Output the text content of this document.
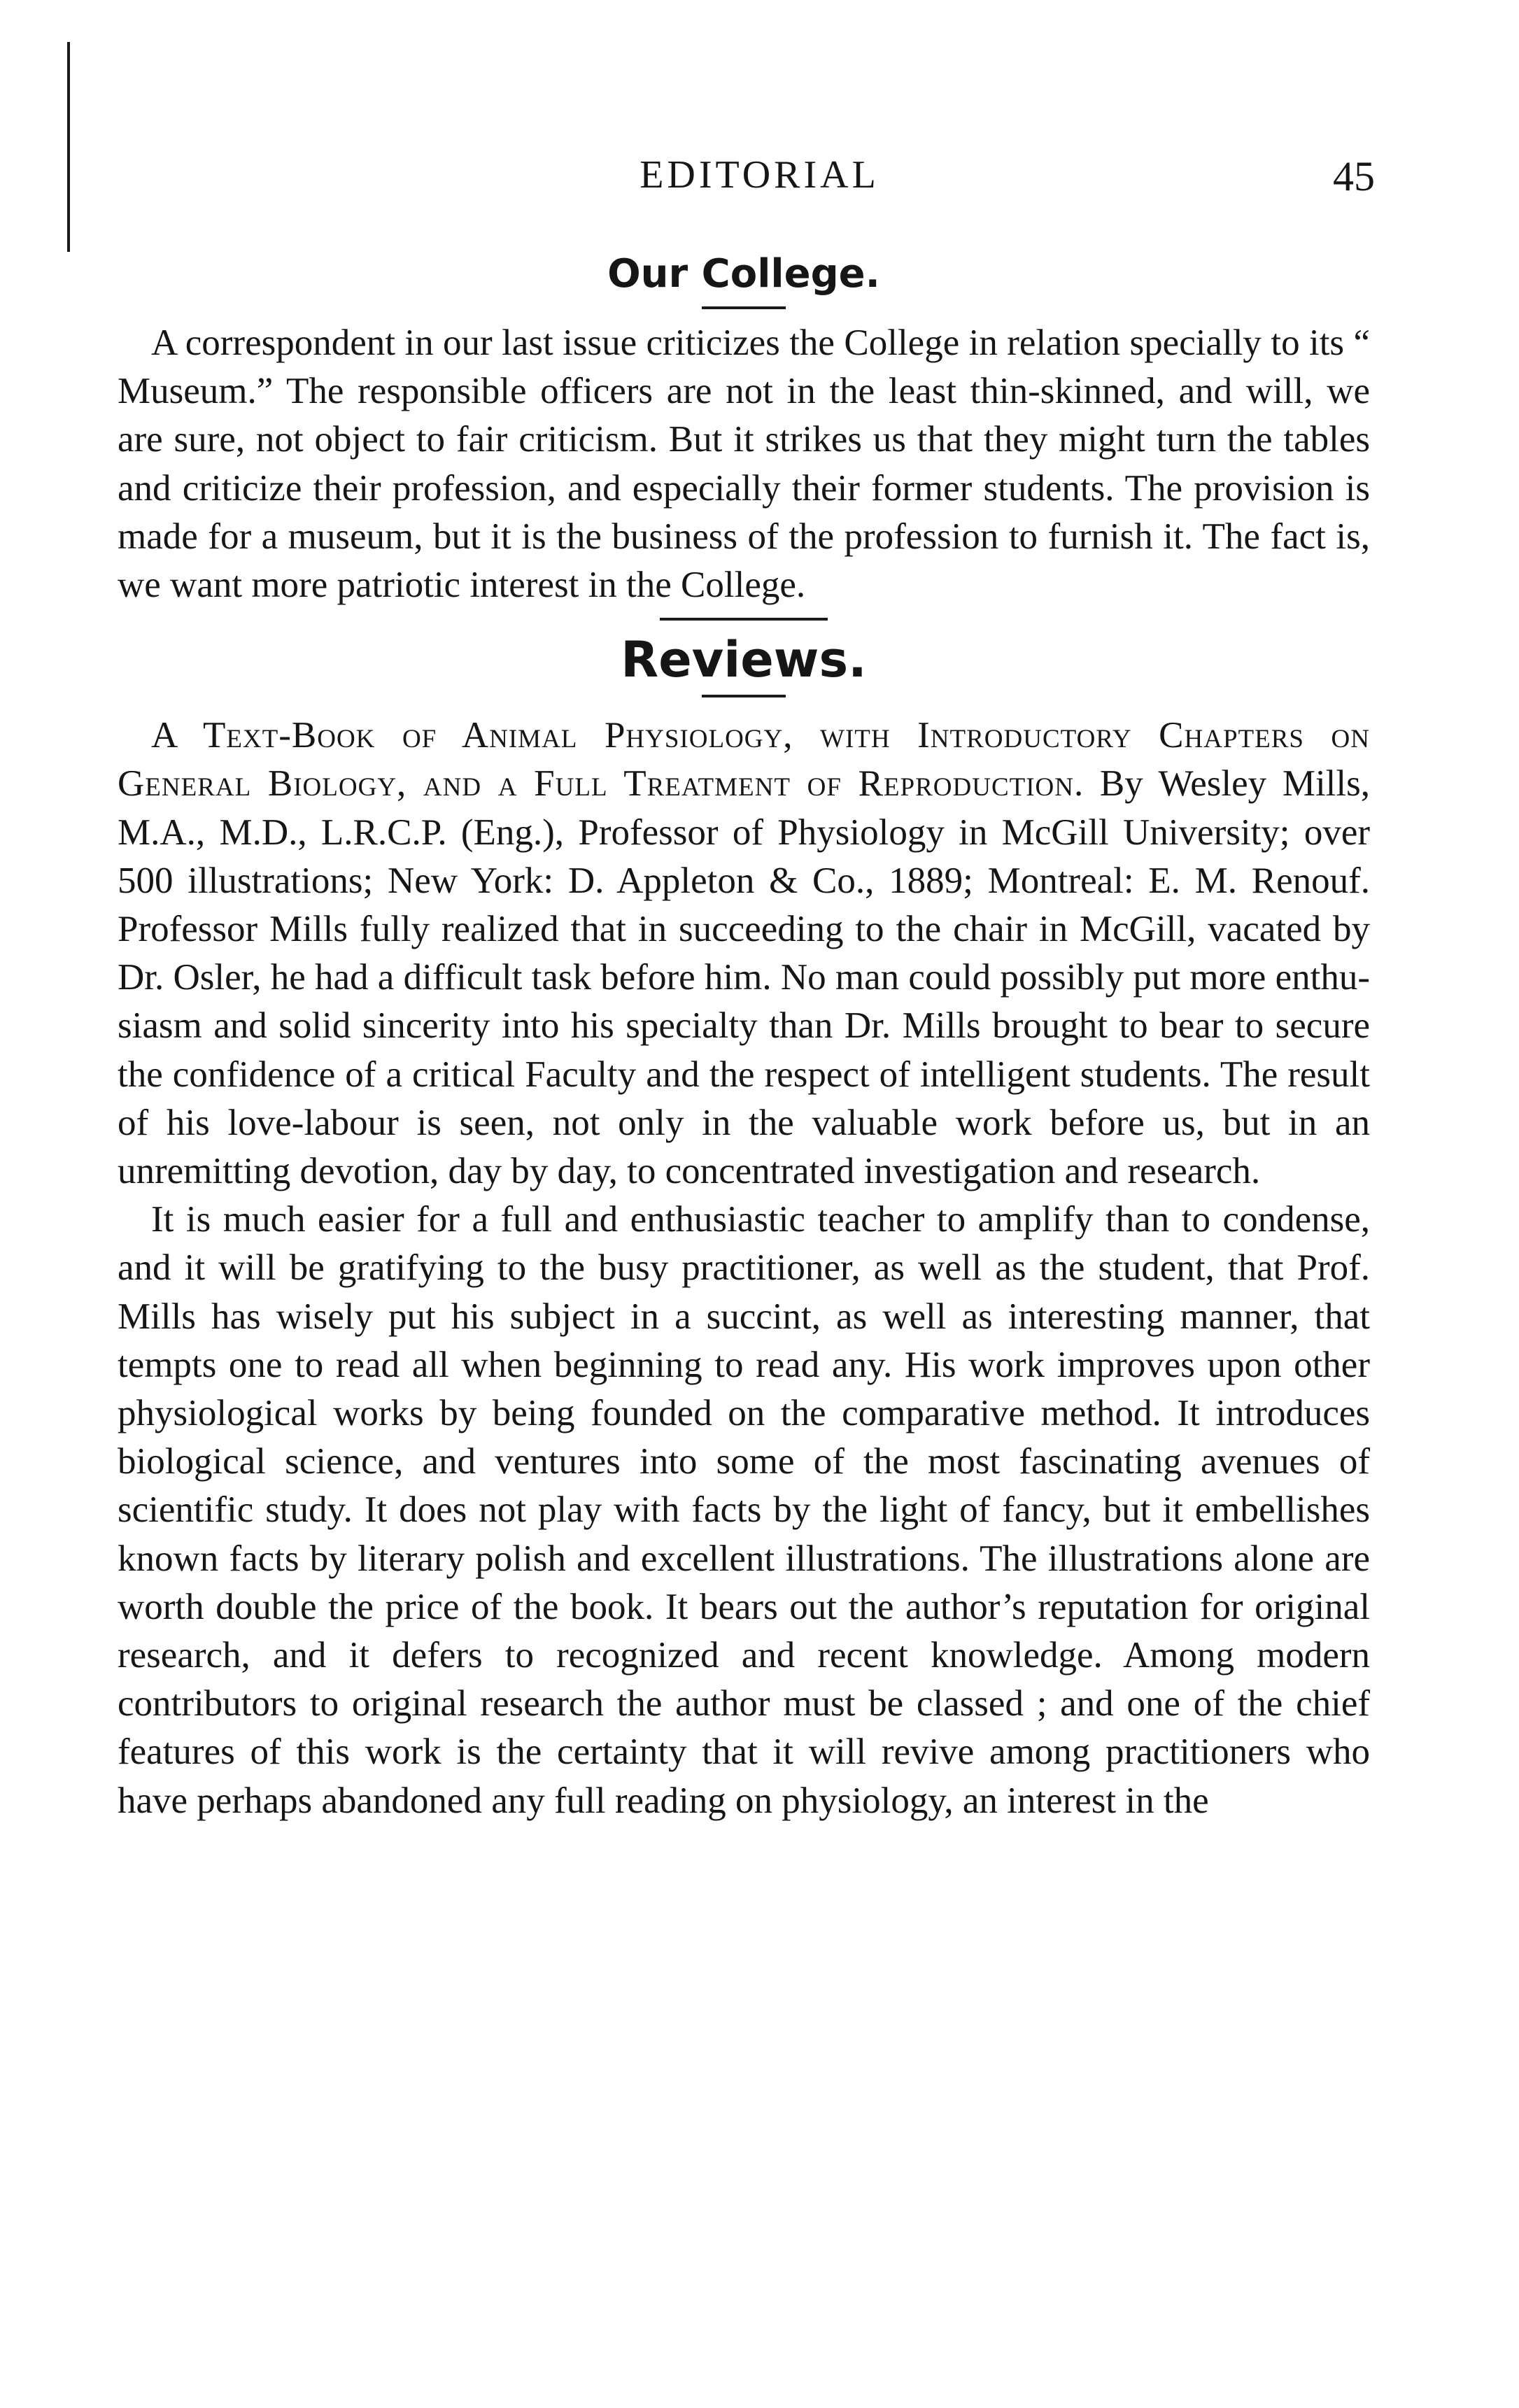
EDITORIAL	45
Our College.

A correspondent in our last issue criticizes the College in relation specially to its “ Museum.” The responsible officers are not in the least thin-skinned, and will, we are sure, not object to fair criticism. But it strikes us that they might turn the tables and criticize their profession, and especially their former students. The provision is made for a museum, but it is the business of the profession to furnish it. The fact is, we want more patriotic interest in the College.

Reviews.

A Text-Book of Animal Physiology, with Introductory Chapters on General Biology, and a Full Treatment of Reproduction. By Wesley Mills, M.A., M.D., L.R.C.P. (Eng.), Professor of Physiology in McGill University; over 500 illustrations; New York: D. Appleton & Co., 1889; Montreal: E. M. Renouf. Professor Mills fully realized that in succeeding to the chair in McGill, vacated by Dr. Osler, he had a difficult task before him. No man could possibly put more enthusiasm and solid sincerity into his specialty than Dr. Mills brought to bear to secure the confidence of a critical Faculty and the respect of intelligent students. The result of his love-labour is seen, not only in the valuable work before us, but in an unremitting devotion, day by day, to concentrated investigation and research.

It is much easier for a full and enthusiastic teacher to amplify than to condense, and it will be gratifying to the busy practitioner, as well as the student, that Prof. Mills has wisely put his subject in a succint, as well as interesting manner, that tempts one to read all when beginning to read any. His work improves upon other physiological works by being founded on the comparative method. It introduces biological science, and ventures into some of the most fascinating avenues of scientific study. It does not play with facts by the light of fancy, but it embellishes known facts by literary polish and excellent illustrations. The illustrations alone are worth double the price of the book. It bears out the author’s reputation for original research, and it defers to recognized and recent knowledge. Among modern contributors to original research the author must be classed ; and one of the chief features of this work is the certainty that it will revive among practitioners who have perhaps abandoned any full reading on physiology, an interest in the
